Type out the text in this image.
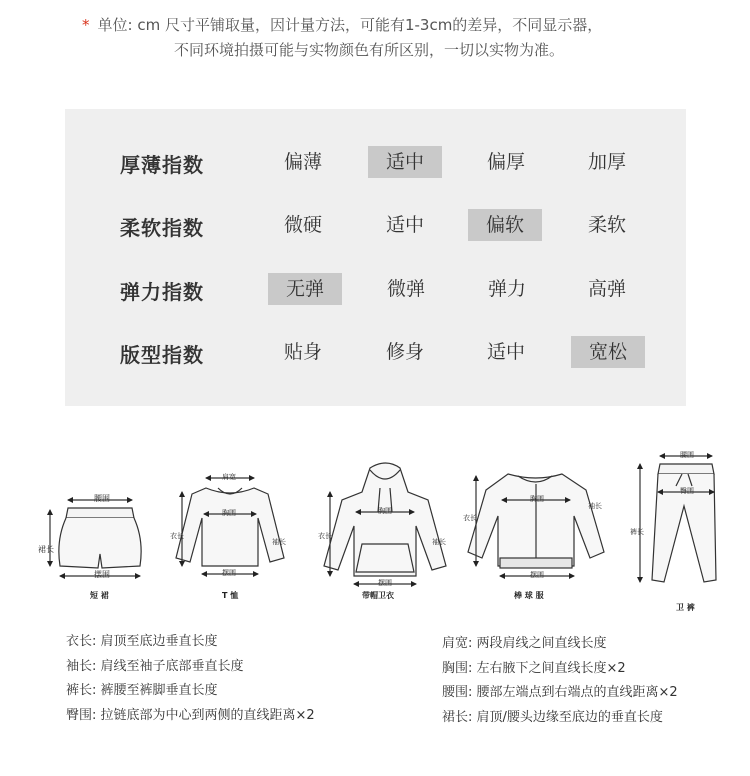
* 单位: cm 尺寸平铺取量，因计量方法，可能有1-3cm的差异，不同显示器，
不同环境拍摄可能与实物颜色有所区别，一切以实物为准。
厚薄指数	偏薄	适中	偏厚	加厚
柔软指数	微硬	适中	偏软	柔软
弹力指数	无弹	微弹	弹力	高弹
版型指数	贴身	修身	适中	宽松
腰围
裙长
摆围
短 裙
肩宽
胸围
衣长
袖长
摆围
T 恤
胸围
衣长
袖长
摆围
带帽卫衣
胸围
衣长
袖长
摆围
棒 球 服
腰围
臀围
裤长
卫 裤
衣长: 肩顶至底边垂直长度
袖长: 肩线至袖子底部垂直长度
裤长: 裤腰至裤脚垂直长度
臀围: 拉链底部为中心到两侧的直线距离×2
肩宽: 两段肩线之间直线长度
胸围: 左右腋下之间直线长度×2
腰围: 腰部左端点到右端点的直线距离×2
裙长: 肩顶/腰头边缘至底边的垂直长度
